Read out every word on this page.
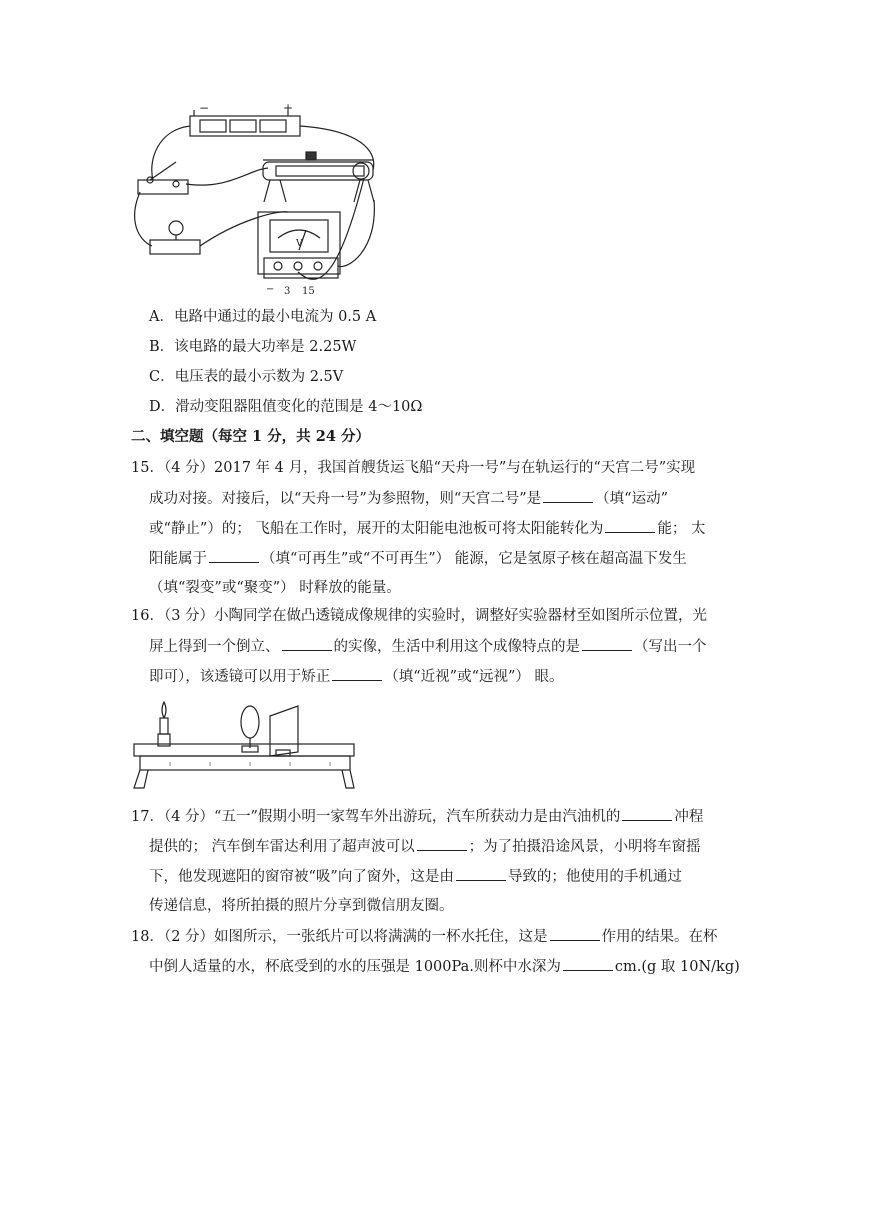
−	+
V
− 3 15
A．电路中通过的最小电流为 0.5 A
B．该电路的最大功率是 2.25W
C．电压表的最小示数为 2.5V
D．滑动变阻器阻值变化的范围是 4～10Ω
二、填空题（每空 1 分，共 24 分）
15．（4 分）2017 年 4 月，我国首艘货运飞船“天舟一号”与在轨运行的“天宫二号”实现
成功对接。对接后，以“天舟一号”为参照物，则“天宫二号”是	（填“运动”
或“静止”）的； 飞船在工作时，展开的太阳能电池板可将太阳能转化为	能； 太
阳能属于	（填“可再生”或“不可再生”） 能源，它是氢原子核在超高温下发生
（填“裂变”或“聚变”） 时释放的能量。
16．（3 分）小陶同学在做凸透镜成像规律的实验时，调整好实验器材至如图所示位置，光
屏上得到一个倒立、	的实像，生活中利用这个成像特点的是	（写出一个
即可），该透镜可以用于矫正	（填“近视”或“远视”） 眼。
17．（4 分）“五一”假期小明一家驾车外出游玩，汽车所获动力是由汽油机的	冲程
提供的； 汽车倒车雷达利用了超声波可以	；为了拍摄沿途风景，小明将车窗摇
下，他发现遮阳的窗帘被“吸”向了窗外，这是由	导致的；他使用的手机通过
传递信息，将所拍摄的照片分享到微信朋友圈。
18．（2 分）如图所示，一张纸片可以将满满的一杯水托住，这是	作用的结果。在杯
中倒人适量的水，杯底受到的水的压强是 1000Pa.则杯中水深为	cm.(g 取 10N/kg)
